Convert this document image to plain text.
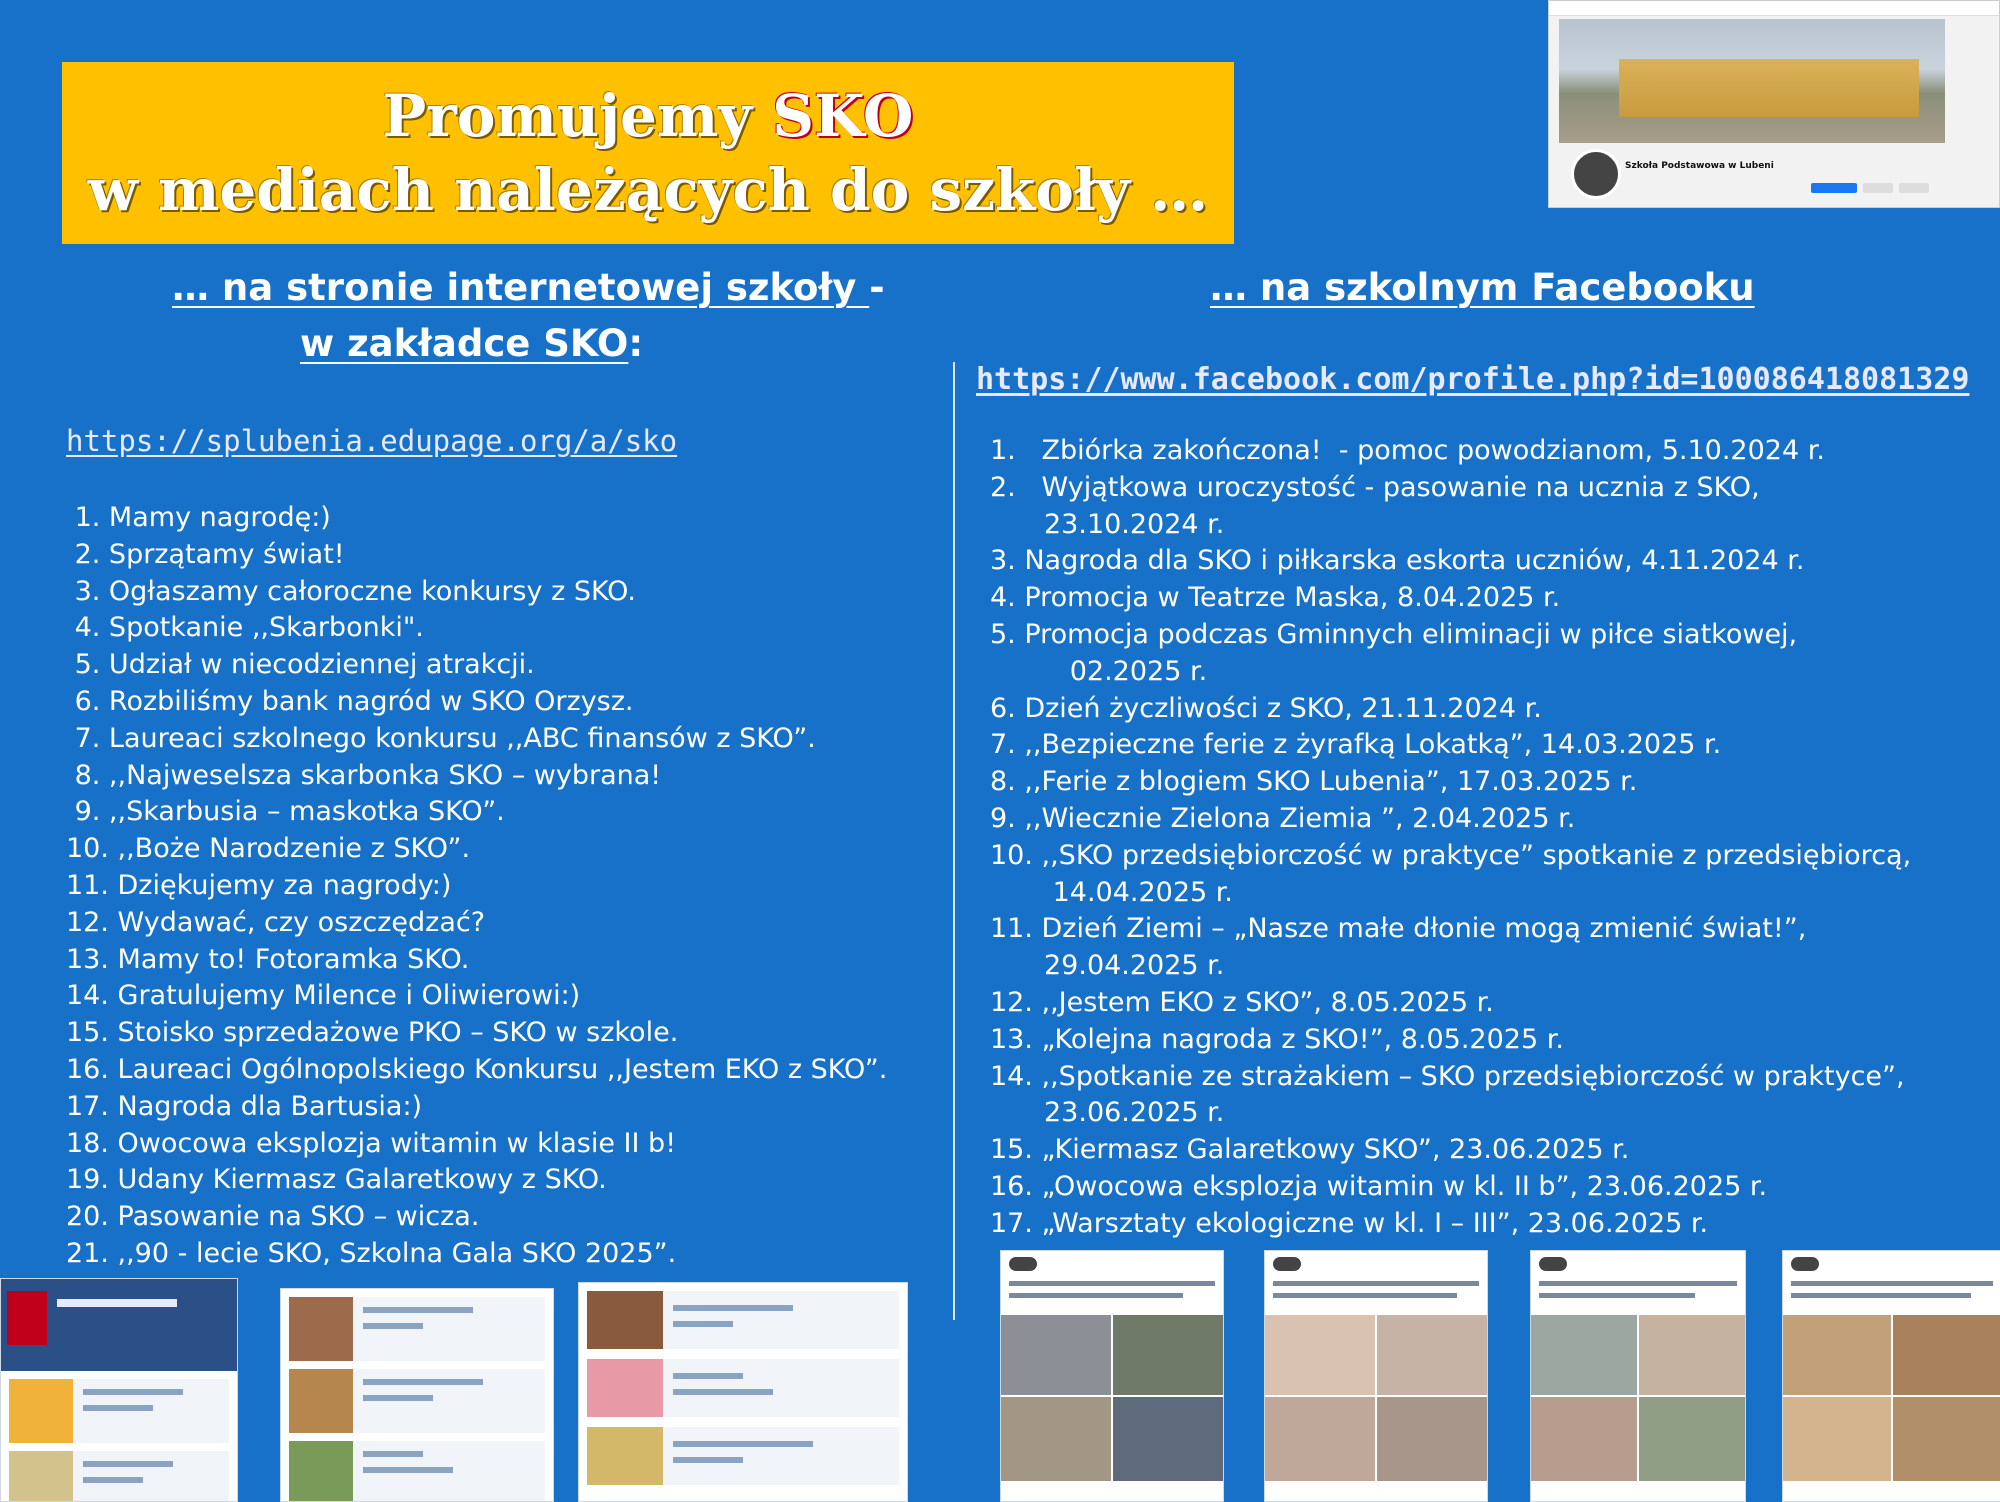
Promujemy SKO
w mediach należących do szkoły …	Szkoła Podstawowa w Lubeni
… na stronie internetowej szkoły -
w zakładce SKO:
… na szkolnym Facebooku
https://splubenia.edupage.org/a/sko
https://www.facebook.com/profile.php?id=100086418081329
1. Mamy nagrodę:)
2. Sprzątamy świat!
3. Ogłaszamy całoroczne konkursy z SKO.
4. Spotkanie ,,Skarbonki".
5. Udział w niecodziennej atrakcji.
6. Rozbiliśmy bank nagród w SKO Orzysz.
7. Laureaci szkolnego konkursu ,,ABC finansów z SKO”.
8. ,,Najweselsza skarbonka SKO – wybrana!
9. ,,Skarbusia – maskotka SKO”.
10. ,,Boże Narodzenie z SKO”.
11. Dziękujemy za nagrody:)
12. Wydawać, czy oszczędzać?
13. Mamy to! Fotoramka SKO.
14. Gratulujemy Milence i Oliwierowi:)
15. Stoisko sprzedażowe PKO – SKO w szkole.
16. Laureaci Ogólnopolskiego Konkursu ,,Jestem EKO z SKO”.
17. Nagroda dla Bartusia:)
18. Owocowa eksplozja witamin w klasie II b!
19. Udany Kiermasz Galaretkowy z SKO.
20. Pasowanie na SKO – wicza.
21. ,,90 - lecie SKO, Szkolna Gala SKO 2025”.
1.   Zbiórka zakończona!  - pomoc powodzianom, 5.10.2024 r.
2.   Wyjątkowa uroczystość - pasowanie na ucznia z SKO,
23.10.2024 r.
3. Nagroda dla SKO i piłkarska eskorta uczniów, 4.11.2024 r.
4. Promocja w Teatrze Maska, 8.04.2025 r.
5. Promocja podczas Gminnych eliminacji w piłce siatkowej,
02.2025 r.
6. Dzień życzliwości z SKO, 21.11.2024 r.
7. ,,Bezpieczne ferie z żyrafką Lokatką”, 14.03.2025 r.
8. ,,Ferie z blogiem SKO Lubenia”, 17.03.2025 r.
9. ,,Wiecznie Zielona Ziemia ”, 2.04.2025 r.
10. ,,SKO przedsiębiorczość w praktyce” spotkanie z przedsiębiorcą,
14.04.2025 r.
11. Dzień Ziemi – „Nasze małe dłonie mogą zmienić świat!”,
29.04.2025 r.
12. ,,Jestem EKO z SKO”, 8.05.2025 r.
13. „Kolejna nagroda z SKO!”, 8.05.2025 r.
14. ,,Spotkanie ze strażakiem – SKO przedsiębiorczość w praktyce”,
23.06.2025 r.
15. „Kiermasz Galaretkowy SKO”, 23.06.2025 r.
16. „Owocowa eksplozja witamin w kl. II b”, 23.06.2025 r.
17. „Warsztaty ekologiczne w kl. I – III”, 23.06.2025 r.
